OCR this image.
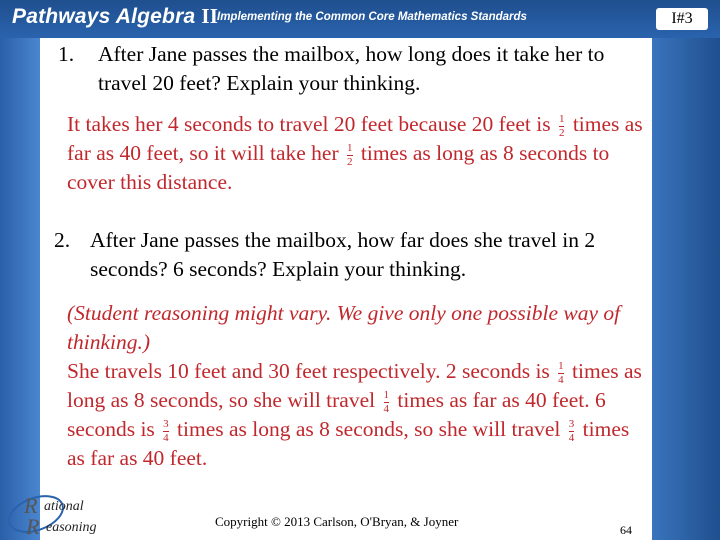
Pathways Algebra II
Implementing the Common Core Mathematics Standards	I#3
1.	After Jane passes the mailbox, how long does it take her to travel 20 feet? Explain your thinking.
It takes her 4 seconds to travel 20 feet because 20 feet is $\frac{1}{2}$ times as far as 40 feet, so it will take her $\frac{1}{2}$ times as long as 8 seconds to cover this distance.
2. After Jane passes the mailbox, how far does she travel in 2 seconds? 6 seconds? Explain your thinking.
(Student reasoning might vary. We give only one possible way of thinking.)
She travels 10 feet and 30 feet respectively. 2 seconds is $\frac{1}{4}$ times as long as 8 seconds, so she will travel $\frac{1}{4}$ times as far as 40 feet. 6 seconds is $\frac{3}{4}$ times as long as 8 seconds, so she will travel $\frac{3}{4}$ times as far as 40 feet.
R ational
R easoning	Copyright © 2013 Carlson, O'Bryan, & Joyner
64
